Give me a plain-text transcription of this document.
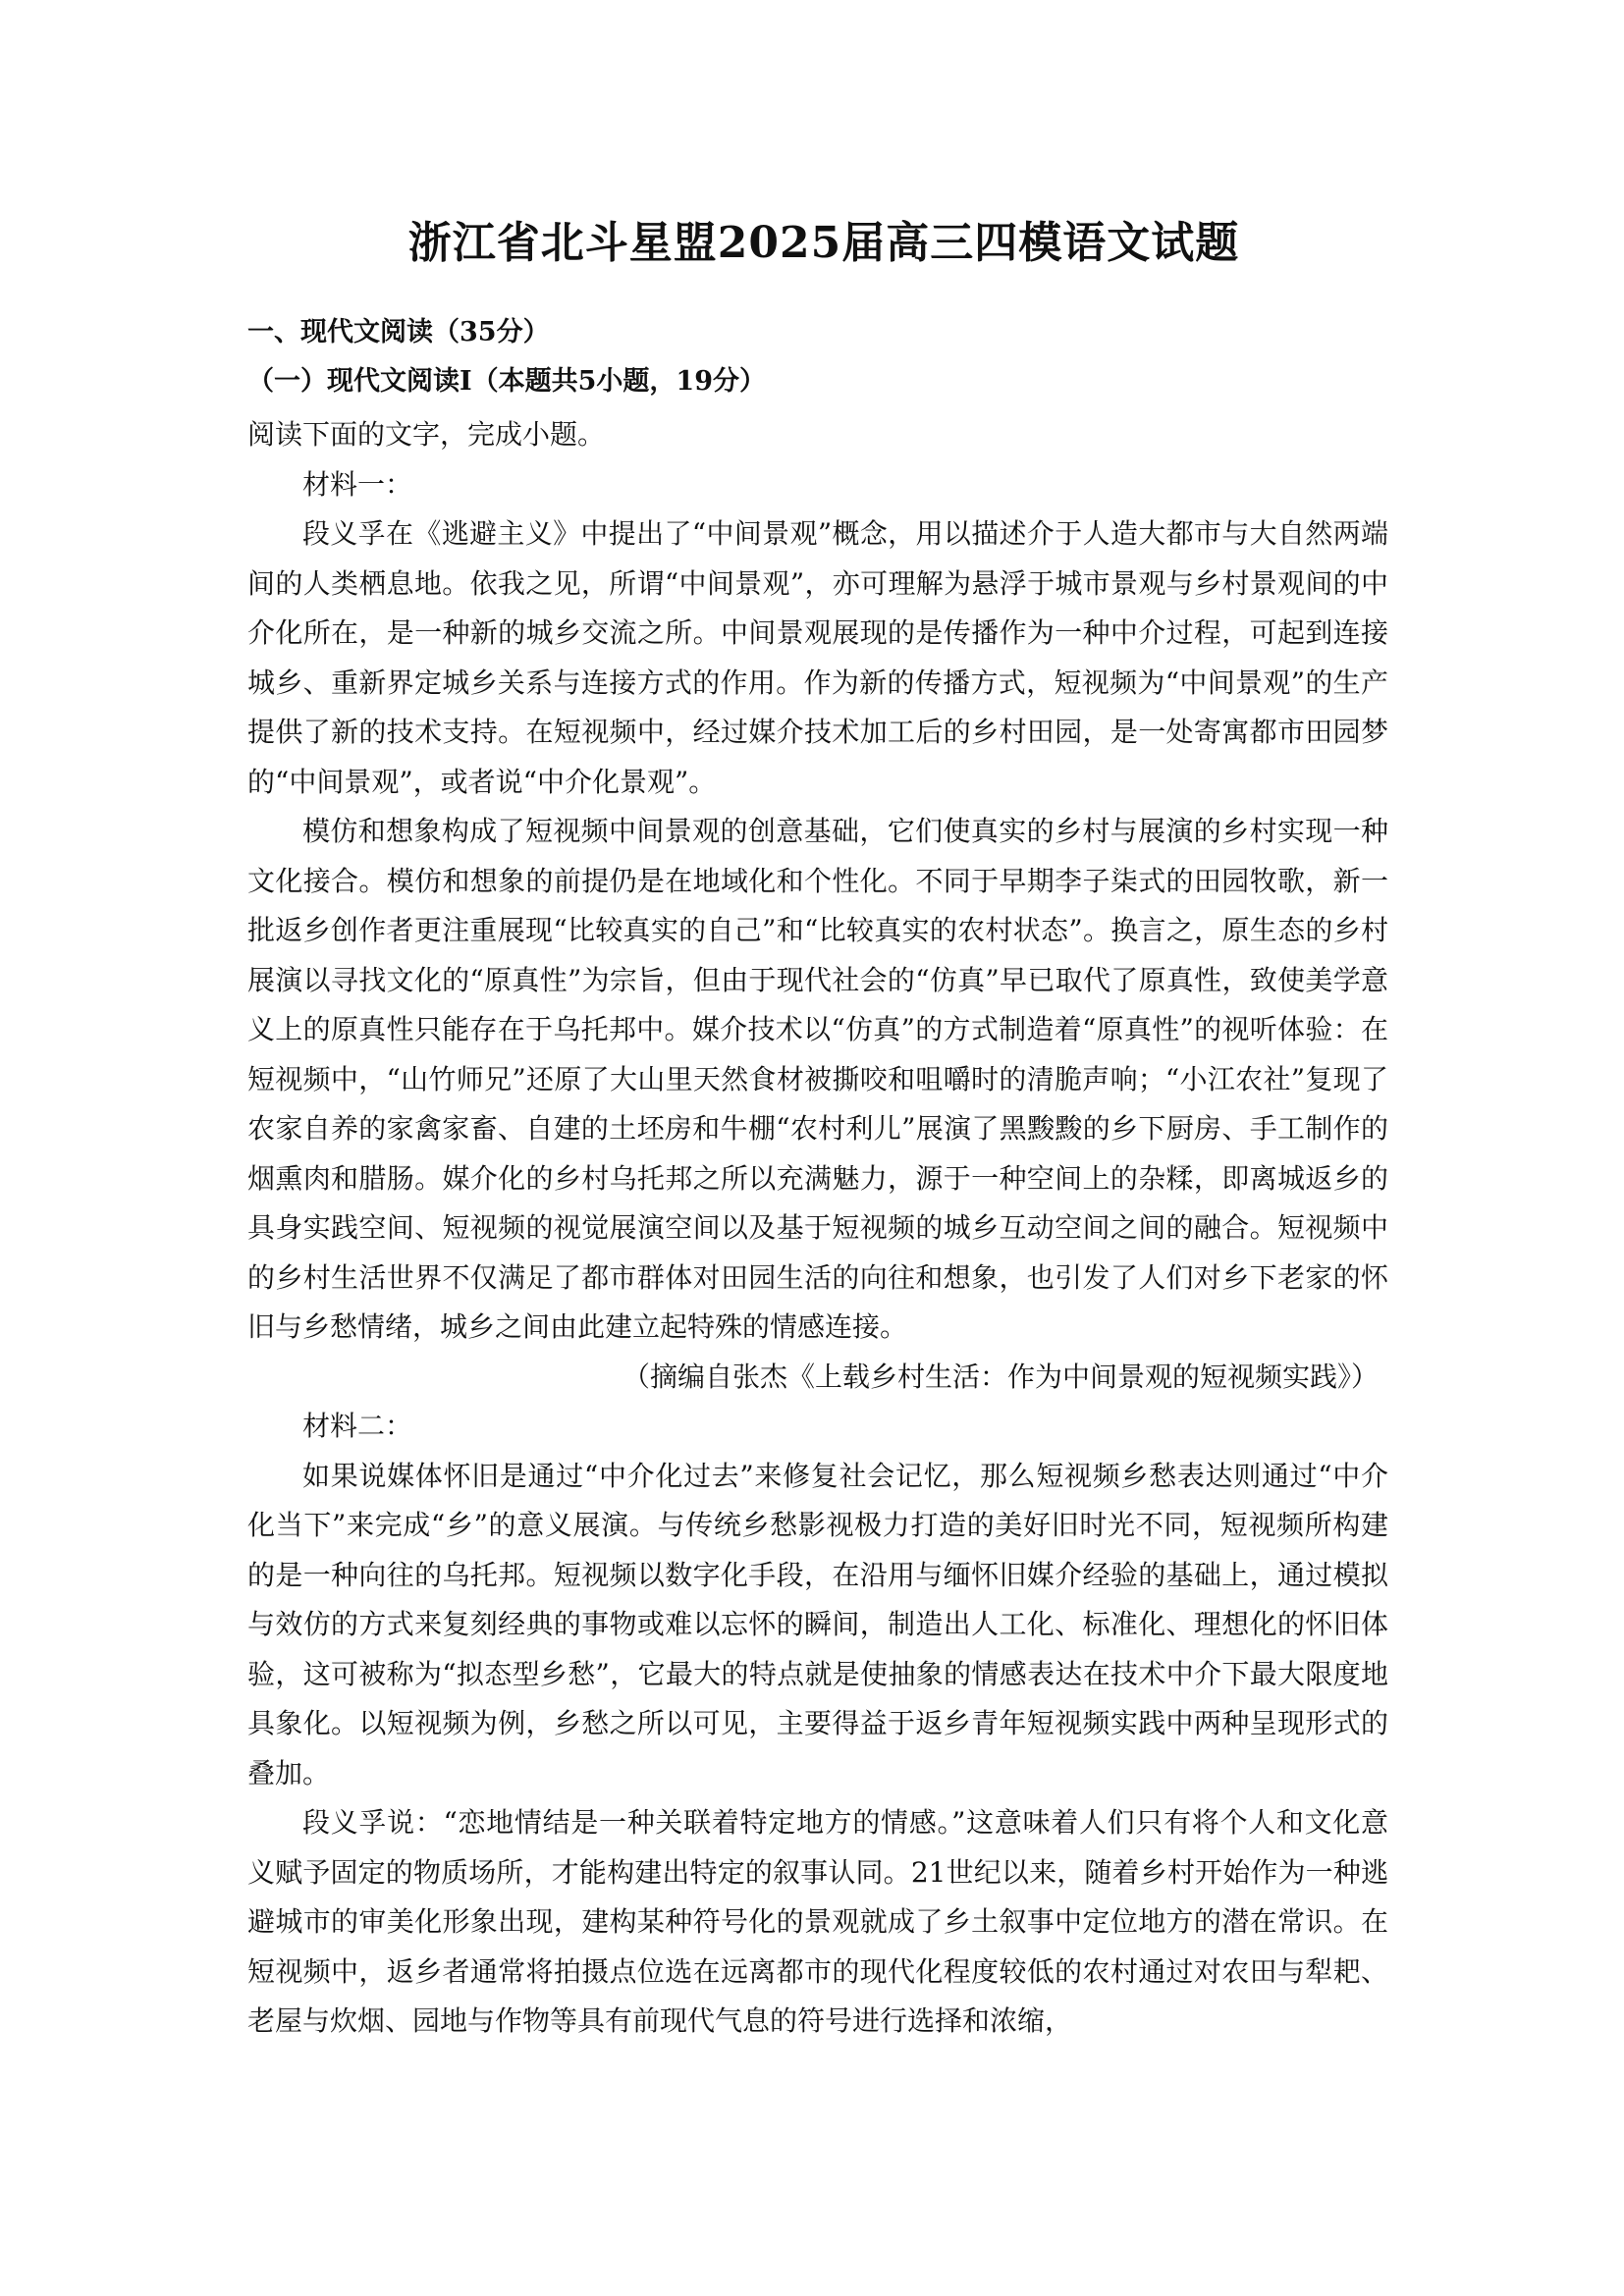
浙江省北斗星盟2025届高三四模语文试题

一、现代文阅读（35分）

（一）现代文阅读Ⅰ（本题共5小题，19分）

阅读下面的文字，完成小题。

材料一：

段义孚在《逃避主义》中提出了“中间景观”概念，用以描述介于人造大都市与大自然两端间的人类栖息地。依我之见，所谓“中间景观”，亦可理解为悬浮于城市景观与乡村景观间的中介化所在，是一种新的城乡交流之所。中间景观展现的是传播作为一种中介过程，可起到连接城乡、重新界定城乡关系与连接方式的作用。作为新的传播方式，短视频为“中间景观”的生产提供了新的技术支持。在短视频中，经过媒介技术加工后的乡村田园，是一处寄寓都市田园梦的“中间景观”，或者说“中介化景观”。

模仿和想象构成了短视频中间景观的创意基础，它们使真实的乡村与展演的乡村实现一种文化接合。模仿和想象的前提仍是在地域化和个性化。不同于早期李子柒式的田园牧歌，新一批返乡创作者更注重展现“比较真实的自己”和“比较真实的农村状态”。换言之，原生态的乡村展演以寻找文化的“原真性”为宗旨，但由于现代社会的“仿真”早已取代了原真性，致使美学意义上的原真性只能存在于乌托邦中。媒介技术以“仿真”的方式制造着“原真性”的视听体验：在短视频中，“山竹师兄”还原了大山里天然食材被撕咬和咀嚼时的清脆声响；“小江农社”复现了农家自养的家禽家畜、自建的土坯房和牛棚“农村利儿”展演了黑黢黢的乡下厨房、手工制作的烟熏肉和腊肠。媒介化的乡村乌托邦之所以充满魅力，源于一种空间上的杂糅，即离城返乡的具身实践空间、短视频的视觉展演空间以及基于短视频的城乡互动空间之间的融合。短视频中的乡村生活世界不仅满足了都市群体对田园生活的向往和想象，也引发了人们对乡下老家的怀旧与乡愁情绪，城乡之间由此建立起特殊的情感连接。

（摘编自张杰《上载乡村生活：作为中间景观的短视频实践》）

材料二：

如果说媒体怀旧是通过“中介化过去”来修复社会记忆，那么短视频乡愁表达则通过“中介化当下”来完成“乡”的意义展演。与传统乡愁影视极力打造的美好旧时光不同，短视频所构建的是一种向往的乌托邦。短视频以数字化手段，在沿用与缅怀旧媒介经验的基础上，通过模拟与效仿的方式来复刻经典的事物或难以忘怀的瞬间，制造出人工化、标准化、理想化的怀旧体验，这可被称为“拟态型乡愁”，它最大的特点就是使抽象的情感表达在技术中介下最大限度地具象化。以短视频为例，乡愁之所以可见，主要得益于返乡青年短视频实践中两种呈现形式的叠加。

段义孚说：“恋地情结是一种关联着特定地方的情感。”这意味着人们只有将个人和文化意义赋予固定的物质场所，才能构建出特定的叙事认同。21世纪以来，随着乡村开始作为一种逃避城市的审美化形象出现，建构某种符号化的景观就成了乡土叙事中定位地方的潜在常识。在短视频中，返乡者通常将拍摄点位选在远离都市的现代化程度较低的农村通过对农田与犁耙、老屋与炊烟、园地与作物等具有前现代气息的符号进行选择和浓缩，
